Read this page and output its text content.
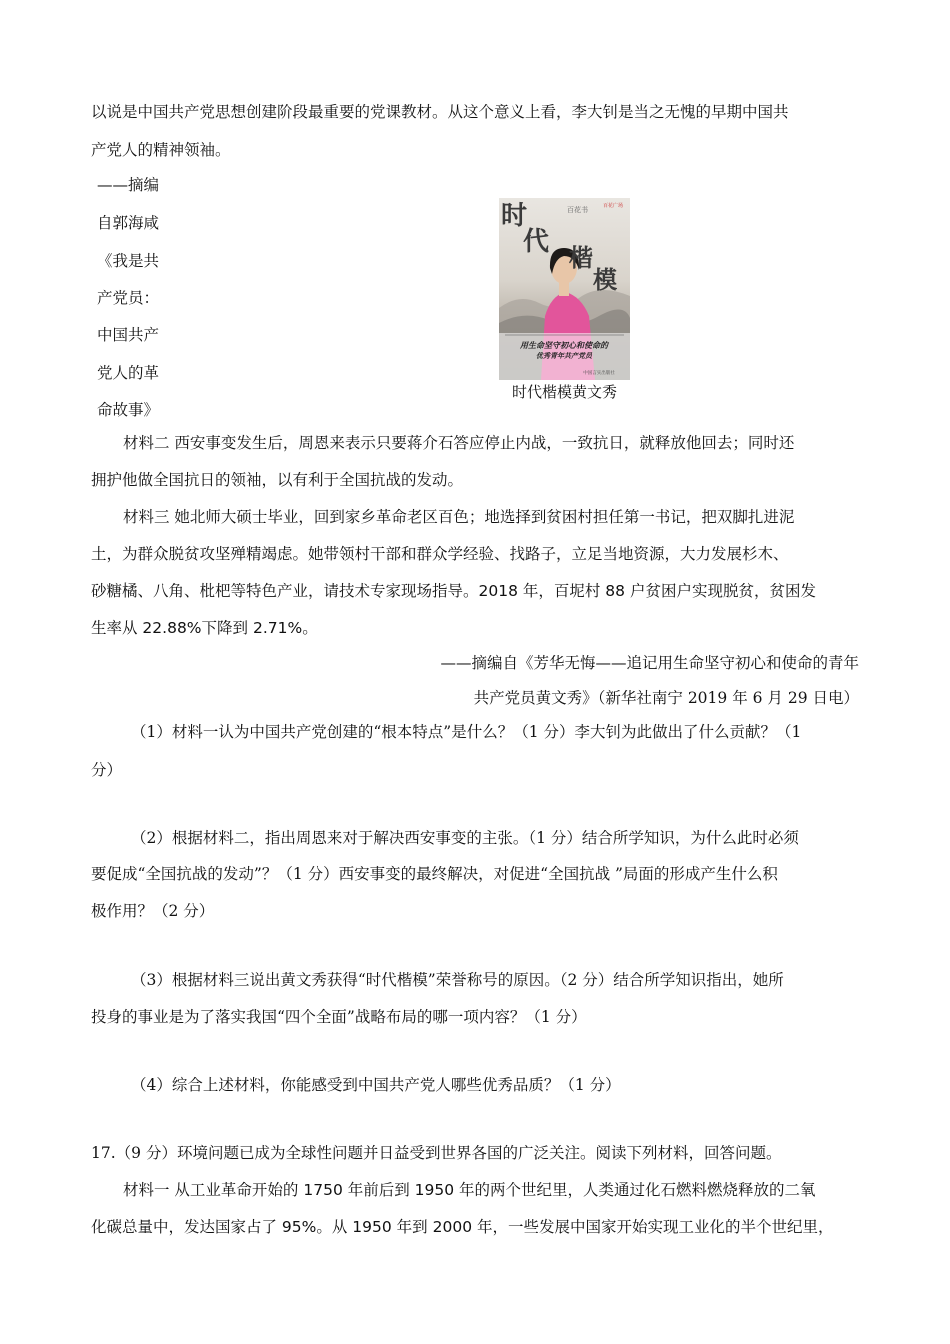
以说是中国共产党思想创建阶段最重要的党课教材。从这个意义上看，李大钊是当之无愧的早期中国共
产党人的精神领袖。
——摘编
自郭海咸
《我是共
产党员：
中国共产
党人的革
命故事》
时
代
楷
模
百花书	百花广场
用生命坚守初心和使命的
优秀青年共产党员
中国言实出版社
时代楷模黄文秀
材料二 西安事变发生后，周恩来表示只要蒋介石答应停止内战，一致抗日，就释放他回去；同时还
拥护他做全国抗日的领袖，以有利于全国抗战的发动。
材料三 她北师大硕士毕业，回到家乡革命老区百色；地选择到贫困村担任第一书记，把双脚扎进泥
土，为群众脱贫攻坚殚精竭虑。她带领村干部和群众学经验、找路子，立足当地资源，大力发展杉木、
砂糖橘、八角、枇杷等特色产业，请技术专家现场指导。2018 年，百坭村 88 户贫困户实现脱贫，贫困发
生率从 22.88%下降到 2.71%。
——摘编自《芳华无悔——追记用生命坚守初心和使命的青年
共产党员黄文秀》（新华社南宁 2019 年 6 月 29 日电）
（1）材料一认为中国共产党创建的“根本特点”是什么？（1 分）李大钊为此做出了什么贡献？（1
分）
（2）根据材料二，指出周恩来对于解决西安事变的主张。（1 分）结合所学知识，为什么此时必须
要促成“全国抗战的发动”？（1 分）西安事变的最终解决，对促进“全国抗战 ”局面的形成产生什么积
极作用？（2 分）
（3）根据材料三说出黄文秀获得“时代楷模”荣誉称号的原因。（2 分）结合所学知识指出，她所
投身的事业是为了落实我国“四个全面”战略布局的哪一项内容？（1 分）
（4）综合上述材料，你能感受到中国共产党人哪些优秀品质？（1 分）
17.（9 分）环境问题已成为全球性问题并日益受到世界各国的广泛关注。阅读下列材料，回答问题。
材料一 从工业革命开始的 1750 年前后到 1950 年的两个世纪里，人类通过化石燃料燃烧释放的二氧
化碳总量中，发达国家占了 95%。从 1950 年到 2000 年，一些发展中国家开始实现工业化的半个世纪里，
